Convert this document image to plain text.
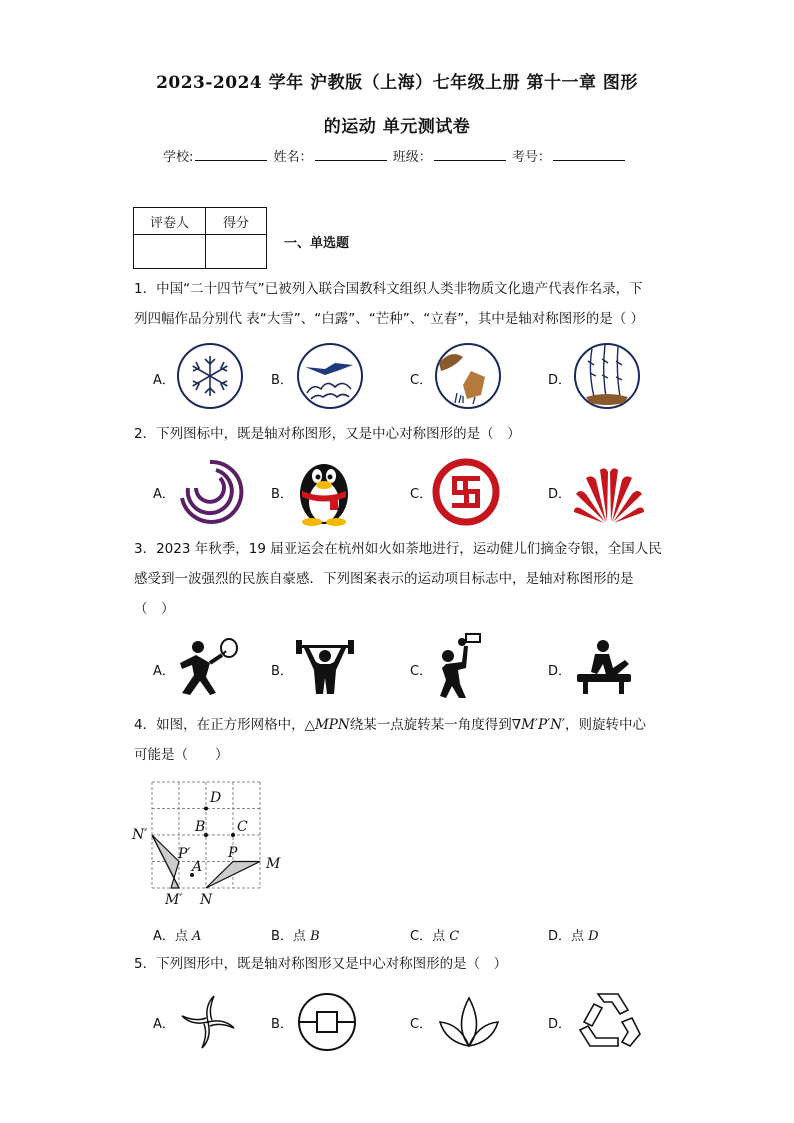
2023-2024 学年 沪教版（上海）七年级上册 第十一章 图形
的运动 单元测试卷
学校:	姓名：	班级：	考号：
评卷人	得分

一、单选题
1．中国“二十四节气”已被列入联合国教科文组织人类非物质文化遗产代表作名录，下
列四幅作品分别代 表“大雪”、“白露”、“芒种”、“立春”，其中是轴对称图形的是（ ）
A．	B．	C．	D．
2．下列图标中，既是轴对称图形，又是中心对称图形的是（　）
A．	B．	C．	D．
3．2023 年秋季，19 届亚运会在杭州如火如荼地进行，运动健儿们摘金夺银，全国人民
感受到一波强烈的民族自豪感．下列图案表示的运动项目标志中，是轴对称图形的是
（　）
A．	B．	C．	D．
4．如图，在正方形网格中，△MPN绕某一点旋转某一角度得到∇M′P′N′，则旋转中心
可能是（　　）
D
B C
N′
P′
A
P
M
M′ N
A．点 A	B．点 B	C．点 C	D．点 D
5．下列图形中，既是轴对称图形又是中心对称图形的是（　）
A．	B．	C．	D．
